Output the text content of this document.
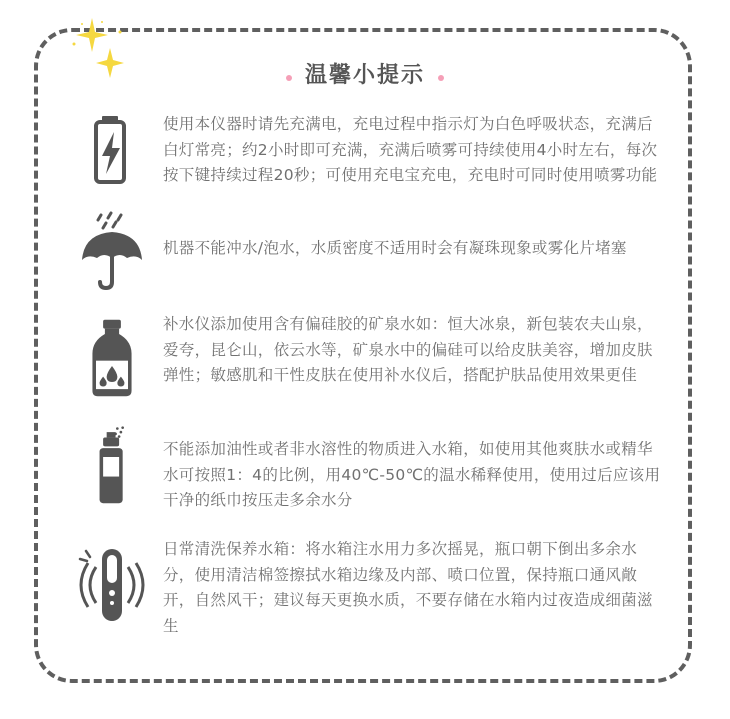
温馨小提示
使用本仪器时请先充满电，充电过程中指示灯为白色呼吸状态，充满后白灯常亮；约2小时即可充满，充满后喷雾可持续使用4小时左右，每次按下键持续过程20秒；可使用充电宝充电，充电时可同时使用喷雾功能
机器不能冲水/泡水，水质密度不适用时会有凝珠现象或雾化片堵塞
补水仪添加使用含有偏硅胶的矿泉水如：恒大冰泉，新包装农夫山泉，爱夸，昆仑山，依云水等，矿泉水中的偏硅可以给皮肤美容，增加皮肤弹性；敏感肌和干性皮肤在使用补水仪后，搭配护肤品使用效果更佳
不能添加油性或者非水溶性的物质进入水箱，如使用其他爽肤水或精华水可按照1：4的比例，用40℃-50℃的温水稀释使用，使用过后应该用干净的纸巾按压走多余水分
日常清洗保养水箱：将水箱注水用力多次摇晃，瓶口朝下倒出多余水分，使用清洁棉签擦拭水箱边缘及内部、喷口位置，保持瓶口通风敞开，自然风干；建议每天更换水质，不要存储在水箱内过夜造成细菌滋生
